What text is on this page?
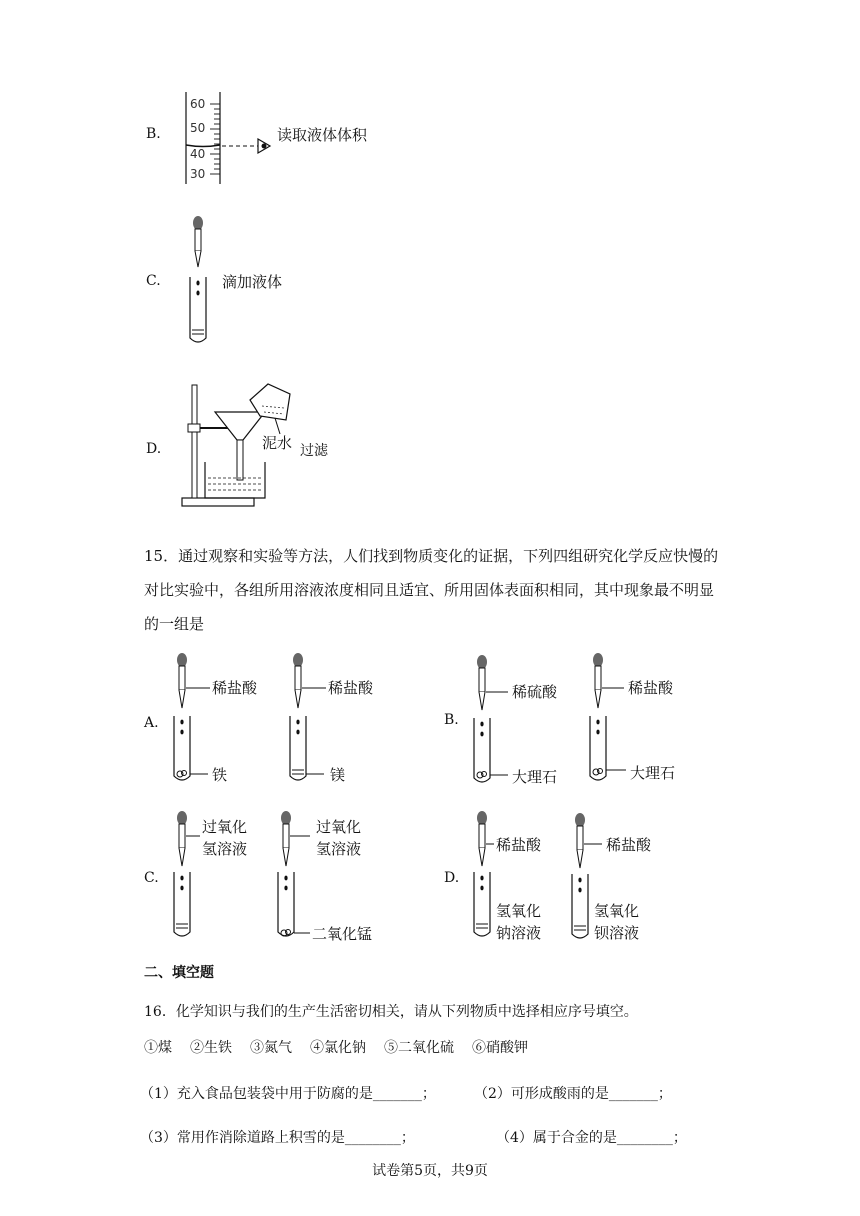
B.
60
50
40
30
读取液体体积
C.	滴加液体
D.	泥水 过滤
15．通过观察和实验等方法，人们找到物质变化的证据，下列四组研究化学反应快慢的
对比实验中，各组所用溶液浓度相同且适宜、所用固体表面积相同，其中现象最不明显
的一组是
A.
稀盐酸
铁
稀盐酸
镁
B.
稀硫酸
大理石
稀盐酸
大理石
C.
过氧化
氢溶液
过氧化
氢溶液
二氧化锰
D.
稀盐酸
氢氧化
钠溶液
稀盐酸
氢氧化
钡溶液
二、填空题
16．化学知识与我们的生产生活密切相关，请从下列物质中选择相应序号填空。
①煤 ②生铁 ③氮气 ④氯化钠 ⑤二氧化硫 ⑥硝酸钾
（1）充入食品包装袋中用于防腐的是_______；	（2）可形成酸雨的是_______；
（3）常用作消除道路上积雪的是________；	（4）属于合金的是________；
试卷第5页，共9页
